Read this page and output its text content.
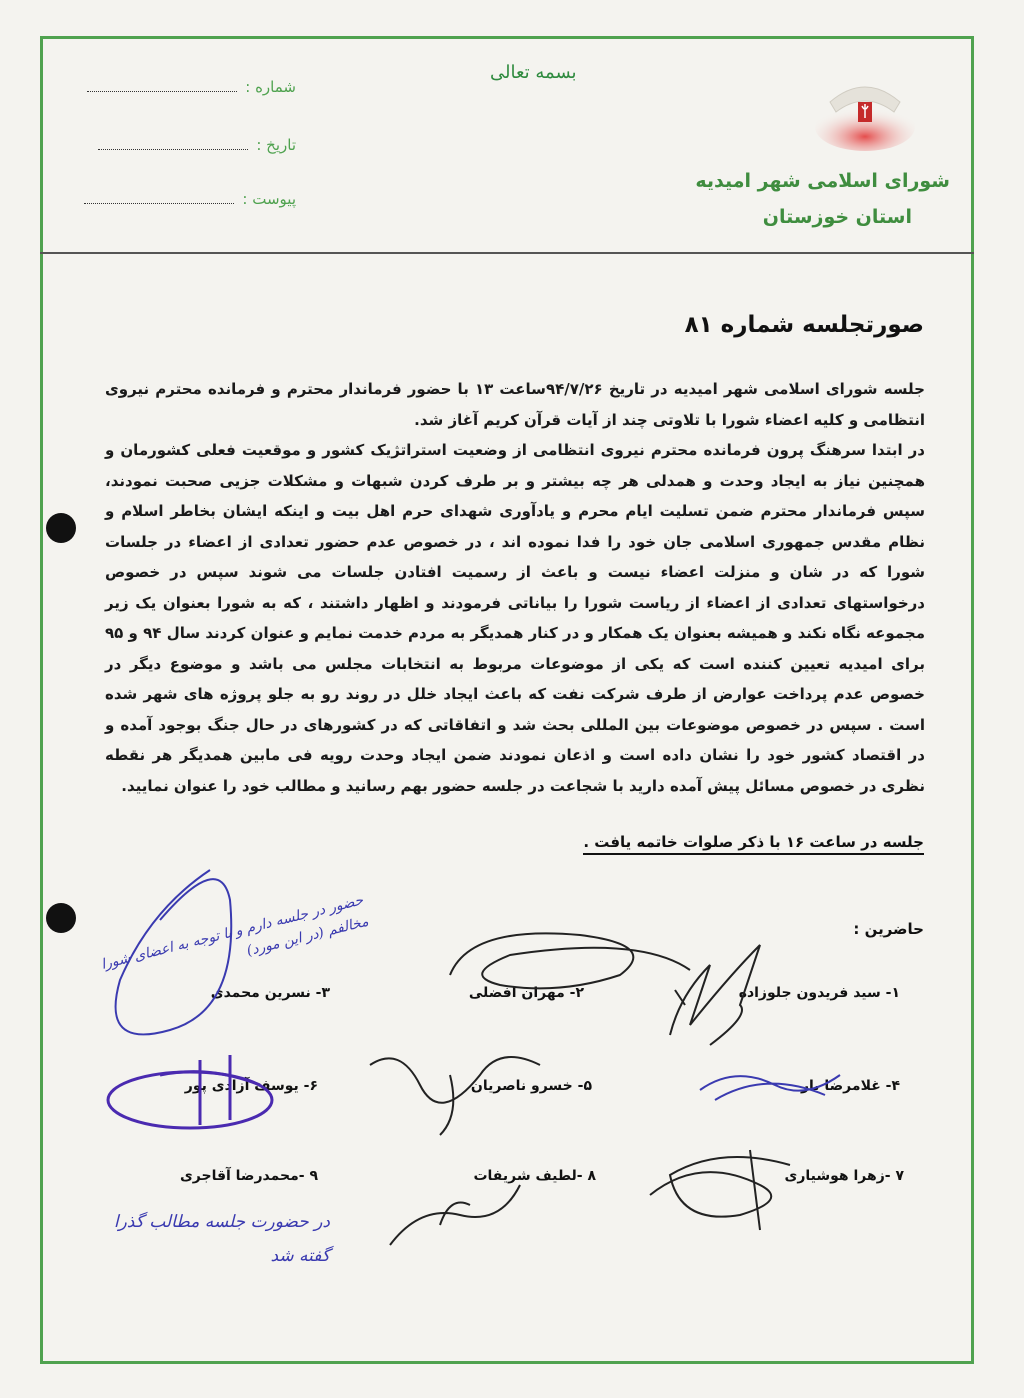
بسمه تعالی
شماره :
تاریخ :
پیوست :
شورای اسلامی شهر امیدیه
استان خوزستان
صورتجلسه شماره ۸۱

جلسه شورای اسلامی شهر امیدیه در تاریخ ۹۴/۷/۲۶ساعت ۱۳ با حضور فرماندار محترم و فرمانده محترم نیروی انتظامی و کلیه اعضاء شورا با تلاوتی چند از آیات قرآن کریم آغاز شد.

در ابتدا سرهنگ پرون فرمانده محترم نیروی انتظامی از وضعیت استراتژیک کشور و موقعیت فعلی کشورمان و همچنین نیاز به ایجاد وحدت و همدلی هر چه بیشتر و بر طرف کردن شبهات و مشکلات جزیی صحبت نمودند، سپس فرماندار محترم ضمن تسلیت ایام محرم و یادآوری شهدای حرم اهل بیت و اینکه ایشان بخاطر اسلام و نظام مقدس جمهوری اسلامی جان خود را فدا نموده اند ، در خصوص عدم حضور تعدادی از اعضاء در جلسات شورا که در شان و منزلت اعضاء نیست و باعث از رسمیت افتادن جلسات می شوند سپس در خصوص درخواستهای تعدادی از اعضاء از ریاست شورا را بیاناتی فرمودند و اظهار داشتند ، که به شورا بعنوان یک زیر مجموعه نگاه نکند و همیشه بعنوان یک همکار و در کنار همدیگر به مردم خدمت نمایم و عنوان کردند سال ۹۴ و ۹۵ برای امیدیه تعیین کننده است که یکی از موضوعات مربوط به انتخابات مجلس می باشد و موضوع دیگر در خصوص عدم پرداخت عوارض از طرف شرکت نفت که باعث ایجاد خلل در روند رو به جلو پروژه های شهر شده است . سپس در خصوص موضوعات بین المللی بحث شد و اتفاقاتی که در کشورهای در حال جنگ بوجود آمده و در اقتصاد کشور خود را نشان داده است و اذعان نمودند ضمن ایجاد وحدت رویه فی مابین همدیگر هر نقطه نظری در خصوص مسائل پیش آمده دارید با شجاعت در جلسه حضور بهم رسانید و مطالب خود را عنوان نمایید.

جلسه در ساعت ۱۶ با ذکر صلوات خاتمه یافت .
حاضرین :
۱- سید فریدون جلوزاده
۲- مهران افضلی
۳- نسرین محمدی
۴- غلامرضا یار
۵- خسرو ناصریان
۶- یوسف آزادی پور
۷ -زهرا هوشیاری
۸ -لطیف شریفات
۹ -محمدرضا آقاجری
حضور در جلسه دارم و با توجه به اعضای شورا مخالفم (در این مورد)
در حضورت جلسه مطالب گذرا گفته شد
